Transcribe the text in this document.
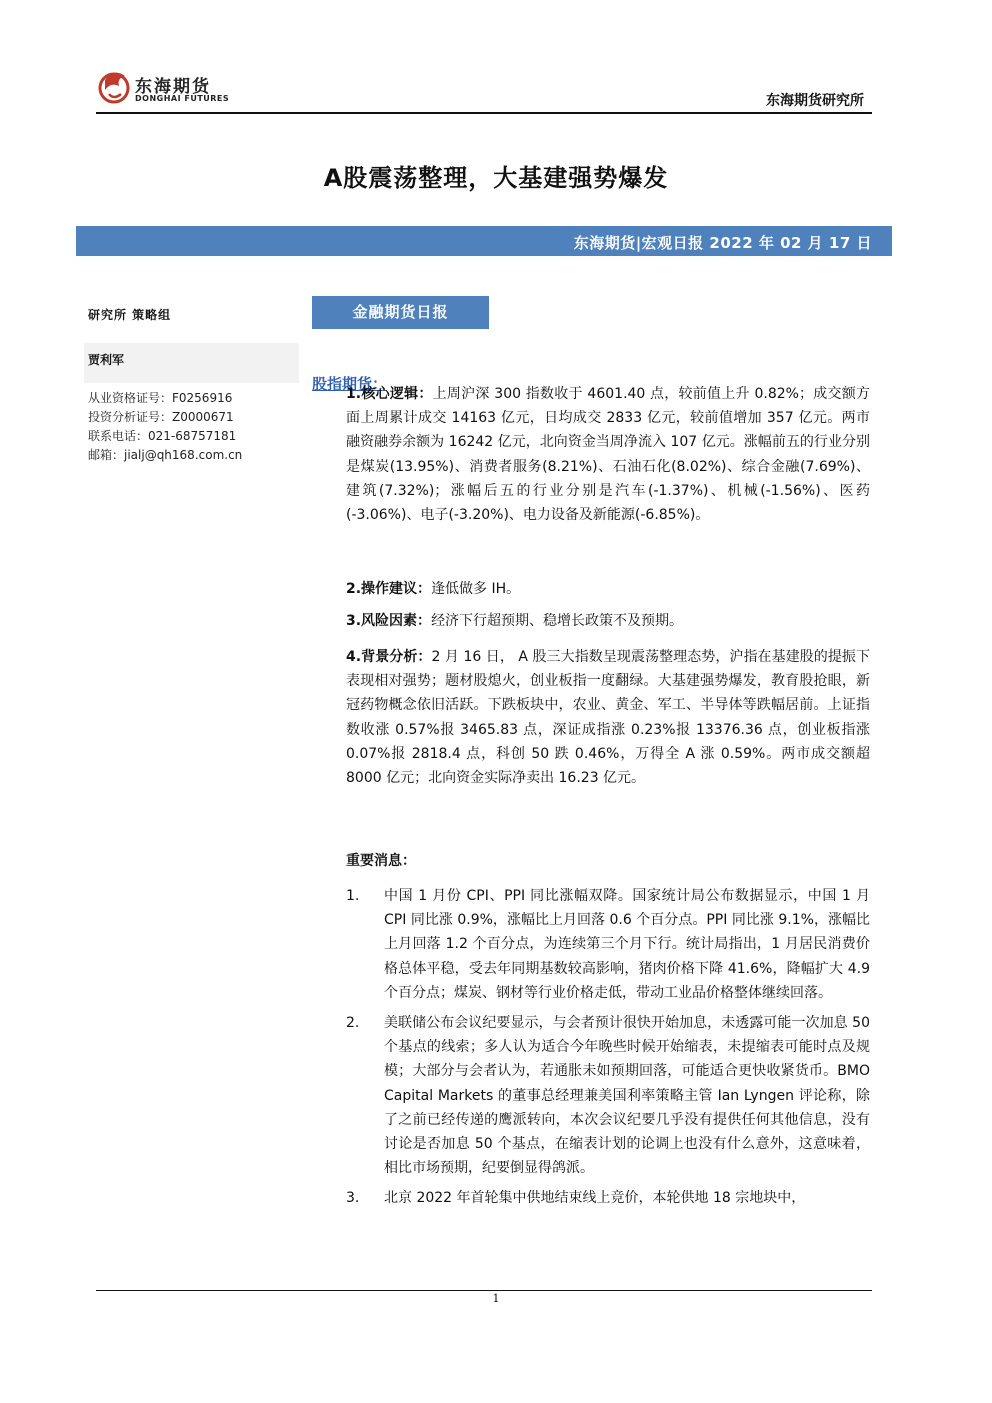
东海期货
DONGHAI FUTURES	东海期货研究所
A股震荡整理，大基建强势爆发
东海期货|宏观日报 2022 年 02 月 17 日
研究所 策略组
贾利军
从业资格证号：F0256916
投资分析证号：Z0000671
联系电话：021-68757181
邮箱：jialj@qh168.com.cn
金融期货日报
股指期货：
1.核心逻辑：上周沪深 300 指数收于 4601.40 点，较前值上升 0.82%；成交额方面上周累计成交 14163 亿元，日均成交 2833 亿元，较前值增加 357 亿元。两市融资融券余额为 16242 亿元，北向资金当周净流入 107 亿元。涨幅前五的行业分别是煤炭(13.95%)、消费者服务(8.21%)、石油石化(8.02%)、综合金融(7.69%)、建筑(7.32%)；涨幅后五的行业分别是汽车(-1.37%)、机械(-1.56%)、医药(-3.06%)、电子(-3.20%)、电力设备及新能源(-6.85%)。
2.操作建议：逢低做多 IH。
3.风险因素：经济下行超预期、稳增长政策不及预期。
4.背景分析：2 月 16 日， A 股三大指数呈现震荡整理态势，沪指在基建股的提振下表现相对强势；题材股熄火，创业板指一度翻绿。大基建强势爆发，教育股抢眼，新冠药物概念依旧活跃。下跌板块中，农业、黄金、军工、半导体等跌幅居前。上证指数收涨 0.57%报 3465.83 点，深证成指涨 0.23%报 13376.36 点，创业板指涨 0.07%报 2818.4 点，科创 50 跌 0.46%，万得全 A 涨 0.59%。两市成交额超 8000 亿元；北向资金实际净卖出 16.23 亿元。
重要消息：
1. 中国 1 月份 CPI、PPI 同比涨幅双降。国家统计局公布数据显示，中国 1 月 CPI 同比涨 0.9%，涨幅比上月回落 0.6 个百分点。PPI 同比涨 9.1%，涨幅比上月回落 1.2 个百分点，为连续第三个月下行。统计局指出，1 月居民消费价格总体平稳，受去年同期基数较高影响，猪肉价格下降 41.6%，降幅扩大 4.9 个百分点；煤炭、钢材等行业价格走低，带动工业品价格整体继续回落。
2. 美联储公布会议纪要显示，与会者预计很快开始加息，未透露可能一次加息 50 个基点的线索；多人认为适合今年晚些时候开始缩表，未提缩表可能时点及规模；大部分与会者认为，若通胀未如预期回落，可能适合更快收紧货币。BMO Capital Markets 的董事总经理兼美国利率策略主管 Ian Lyngen 评论称，除了之前已经传递的鹰派转向，本次会议纪要几乎没有提供任何其他信息，没有讨论是否加息 50 个基点，在缩表计划的论调上也没有什么意外，这意味着，相比市场预期，纪要倒显得鸽派。
3. 北京 2022 年首轮集中供地结束线上竞价，本轮供地 18 宗地块中，
1
